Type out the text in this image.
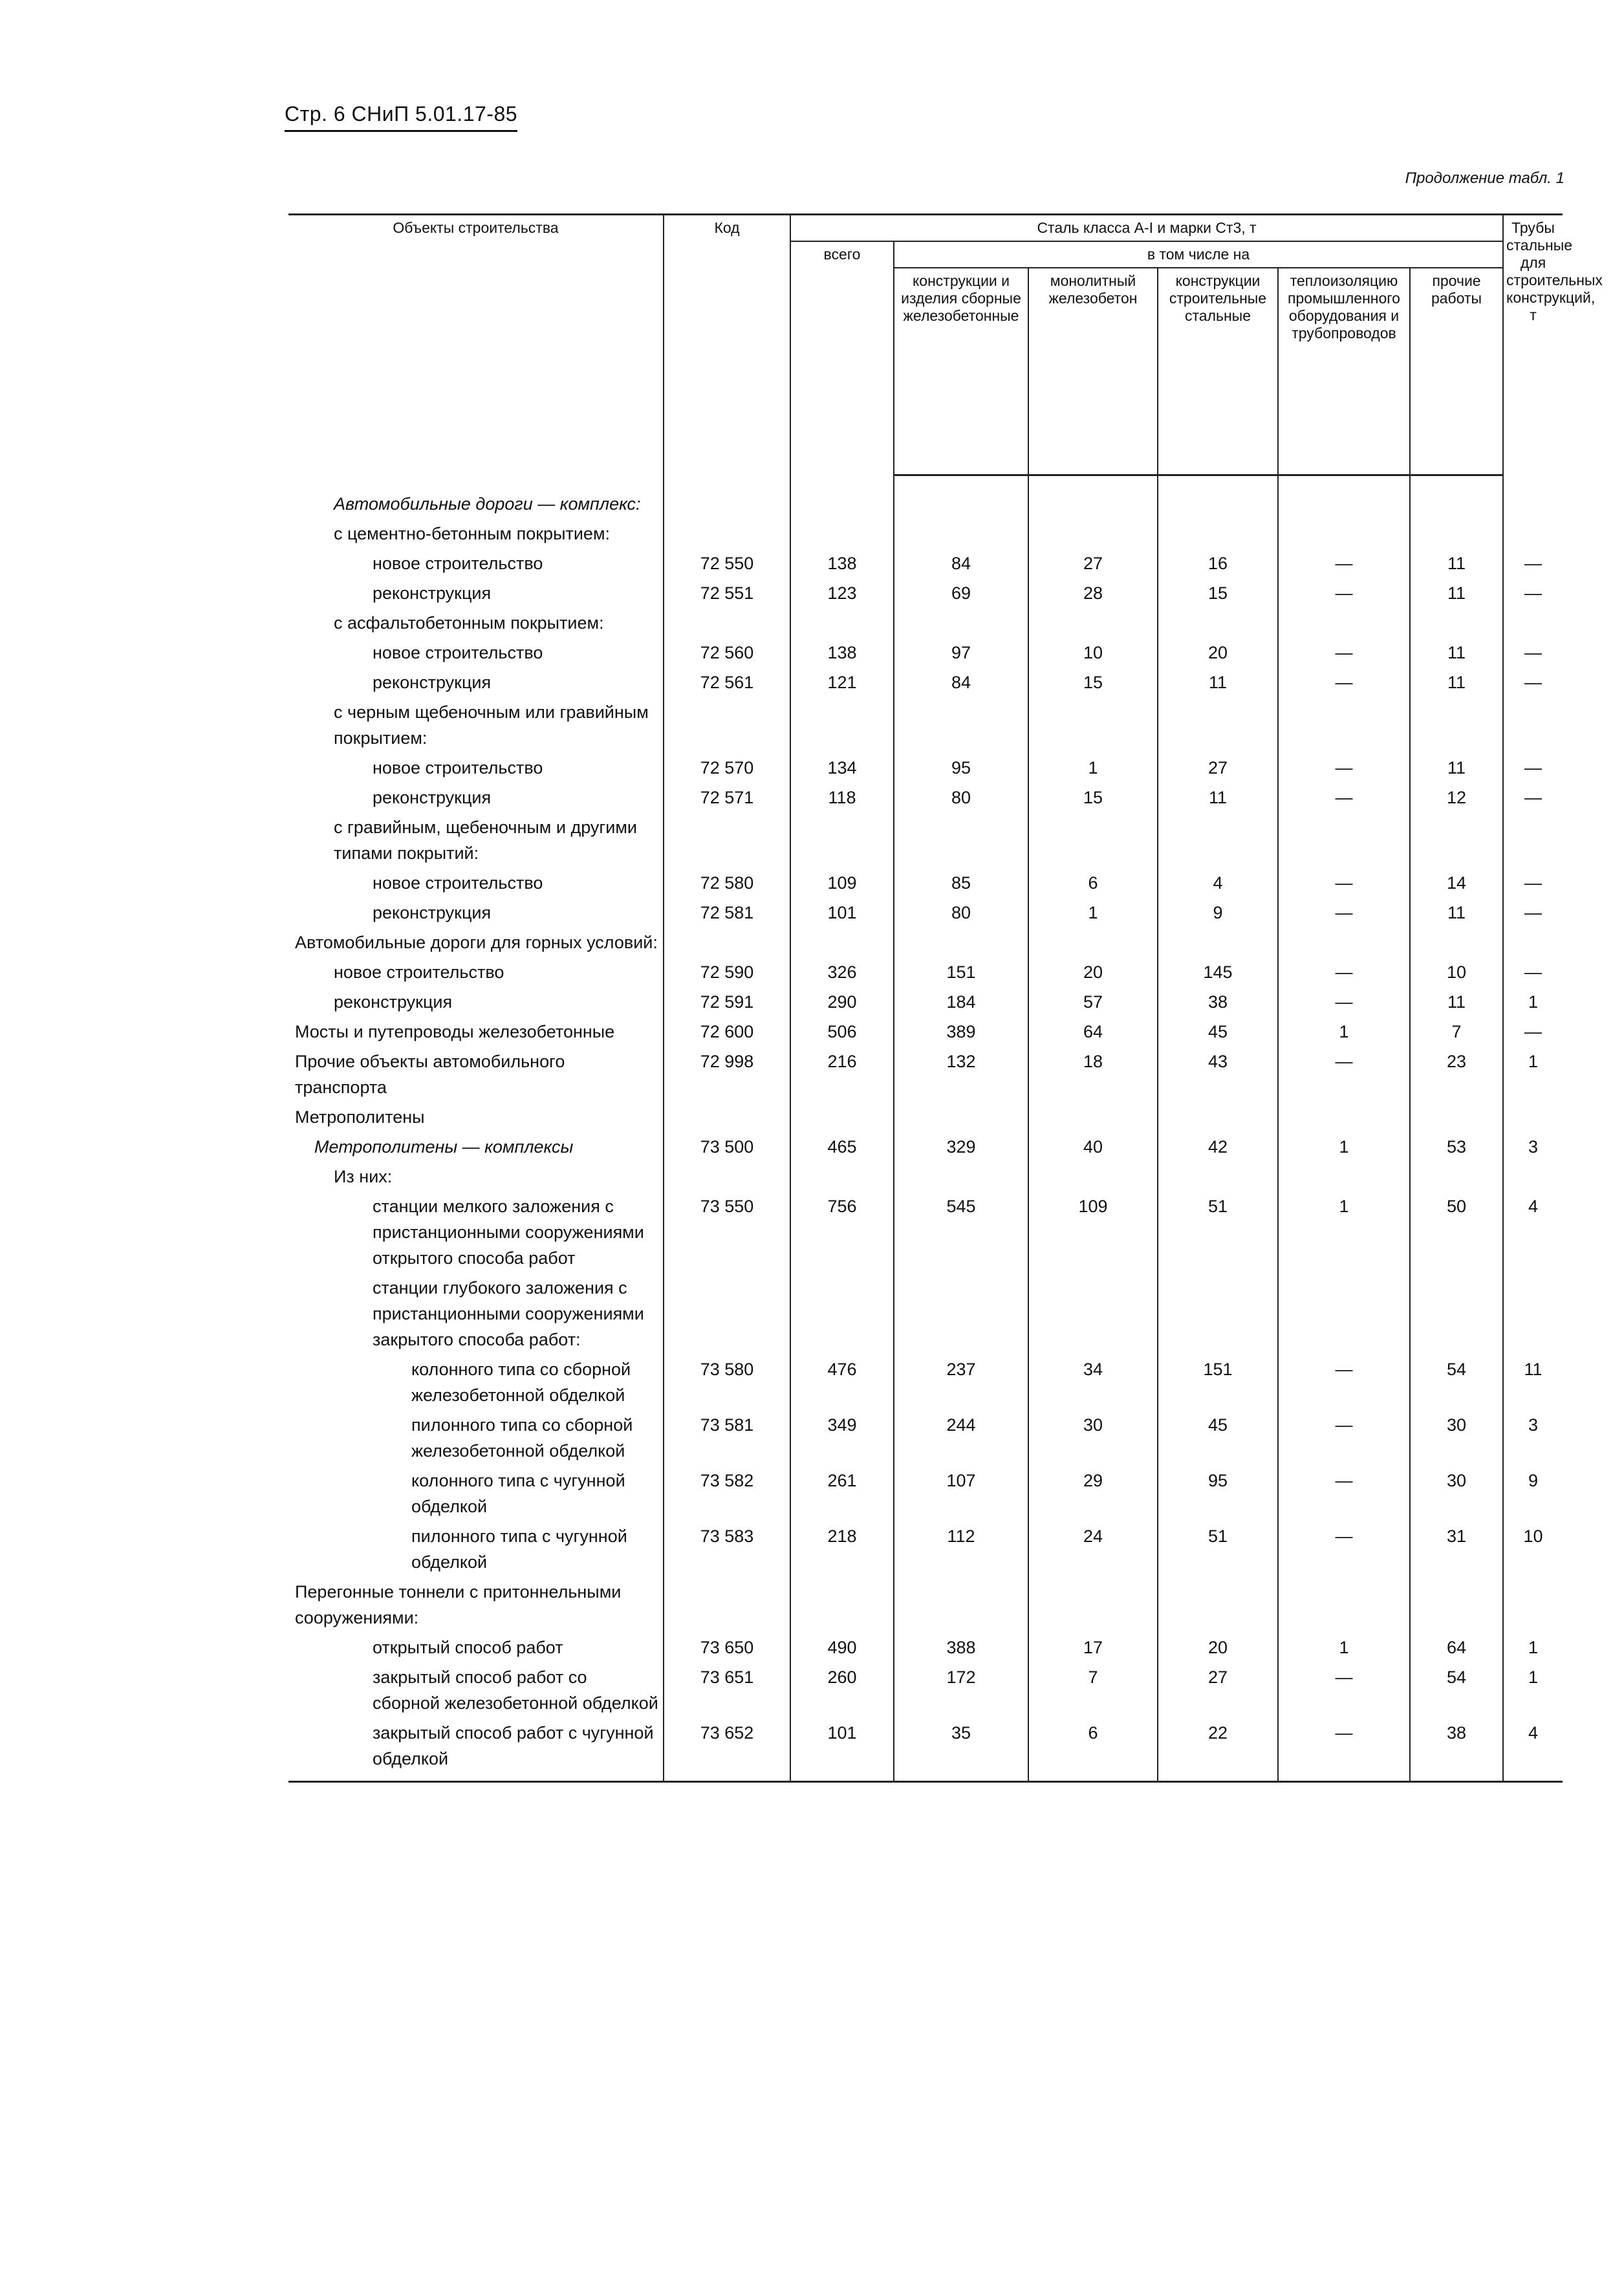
Стр. 6 СНиП 5.01.17-85
Продолжение табл. 1
Объекты строительства	Код	Сталь класса А-I и марки Ст3, т						Трубы стальные для строительных конструкций, т
		всего	в том числе на					
			конструкции и изделия сборные железобетонные	монолитный железобетон	конструкции строительные стальные	теплоизоляцию промышленного оборудования и трубопроводов	прочие работы	

Автомобильные дороги — комплекс:								
с цементно-бетонным покрытием:								
новое строительство	72 550	138	84	27	16	—	11	—
реконструкция	72 551	123	69	28	15	—	11	—
с асфальтобетонным покрытием:								
новое строительство	72 560	138	97	10	20	—	11	—
реконструкция	72 561	121	84	15	11	—	11	—
с черным щебеночным или гравийным покрытием:								
новое строительство	72 570	134	95	1	27	—	11	—
реконструкция	72 571	118	80	15	11	—	12	—
с гравийным, щебеночным и другими типами покрытий:								
новое строительство	72 580	109	85	6	4	—	14	—
реконструкция	72 581	101	80	1	9	—	11	—
Автомобильные дороги для горных условий:								
новое строительство	72 590	326	151	20	145	—	10	—
реконструкция	72 591	290	184	57	38	—	11	1
Мосты и путепроводы железобетонные	72 600	506	389	64	45	1	7	—
Прочие объекты автомобильного транспорта	72 998	216	132	18	43	—	23	1
Метрополитены								
Метрополитены — комплексы	73 500	465	329	40	42	1	53	3
Из них:								
станции мелкого заложения с пристанционными сооружениями открытого способа работ	73 550	756	545	109	51	1	50	4
станции глубокого заложения с пристанционными сооружениями закрытого способа работ:								
колонного типа со сборной железобетонной обделкой	73 580	476	237	34	151	—	54	11
пилонного типа со сборной железобетонной обделкой	73 581	349	244	30	45	—	30	3
колонного типа с чугунной обделкой	73 582	261	107	29	95	—	30	9
пилонного типа с чугунной обделкой	73 583	218	112	24	51	—	31	10
Перегонные тоннели с притоннельными сооружениями:								
открытый способ работ	73 650	490	388	17	20	1	64	1
закрытый способ работ со сборной железобетонной обделкой	73 651	260	172	7	27	—	54	1
закрытый способ работ с чугунной обделкой	73 652	101	35	6	22	—	38	4
